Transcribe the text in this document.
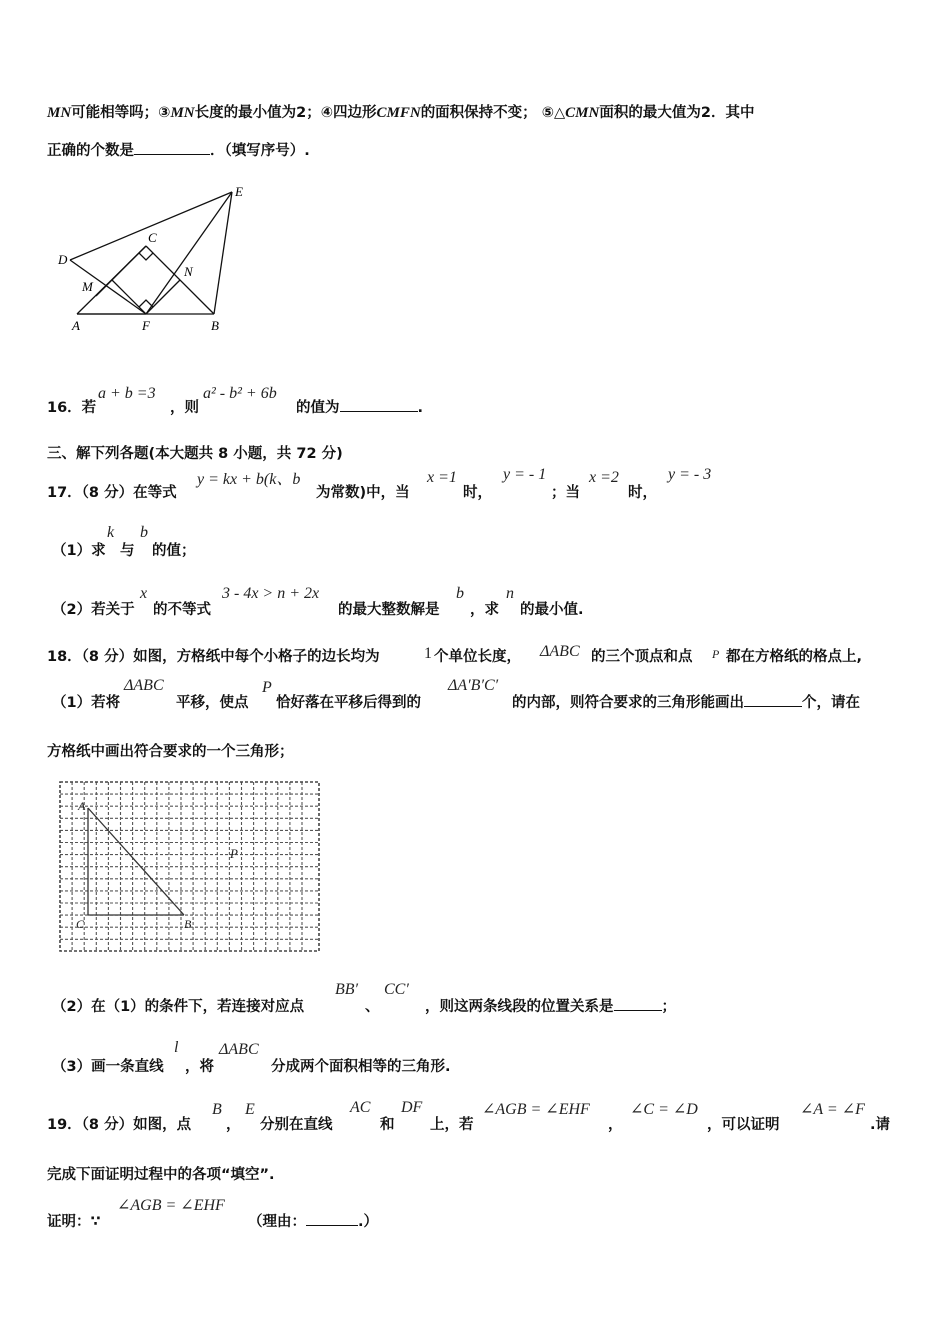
MN可能相等吗；③MN长度的最小值为2；④四边形CMFN的面积保持不变； ⑤△CMN面积的最大值为2．其中
正确的个数是	．（填写序号）.
E
C
D
N
M
A	F	B
16．若
a + b =3
，则
a² - b² + 6b
的值为	.
三、解下列各题(本大题共 8 小题，共 72 分)
17．（8 分）在等式
y = kx + b(k、b
为常数)中，当
x =1
时，
y = - 1
；当
x =2
时，
y = - 3
（1）求
k
与
b
的值；
（2）若关于
x
的不等式
3 - 4x > n + 2x
的最大整数解是
b
，求
n
的最小值.
18．（8 分）如图，方格纸中每个小格子的边长均为	1 个单位长度， ΔABC 的三个顶点和点 P 都在方格纸的格点上,
（1）若将
ΔABC
平移，使点
P
恰好落在平移后得到的
ΔA′B′C′
的内部，则符合要求的三角形能画出	个，请在
方格纸中画出符合要求的一个三角形；
A
P
C	B
（2）在（1）的条件下，若连接对应点
BB′
、
CC′
，则这两条线段的位置关系是	；
（3）画一条直线
l
，将
ΔABC
分成两个面积相等的三角形.
19．（8 分）如图，点
B
，
E
分别在直线
AC
和
DF
上，若
∠AGB = ∠EHF
，
∠C = ∠D
，可以证明
∠A = ∠F
.请
完成下面证明过程中的各项“填空”.
证明：∵
∠AGB = ∠EHF
（理由：	.）
